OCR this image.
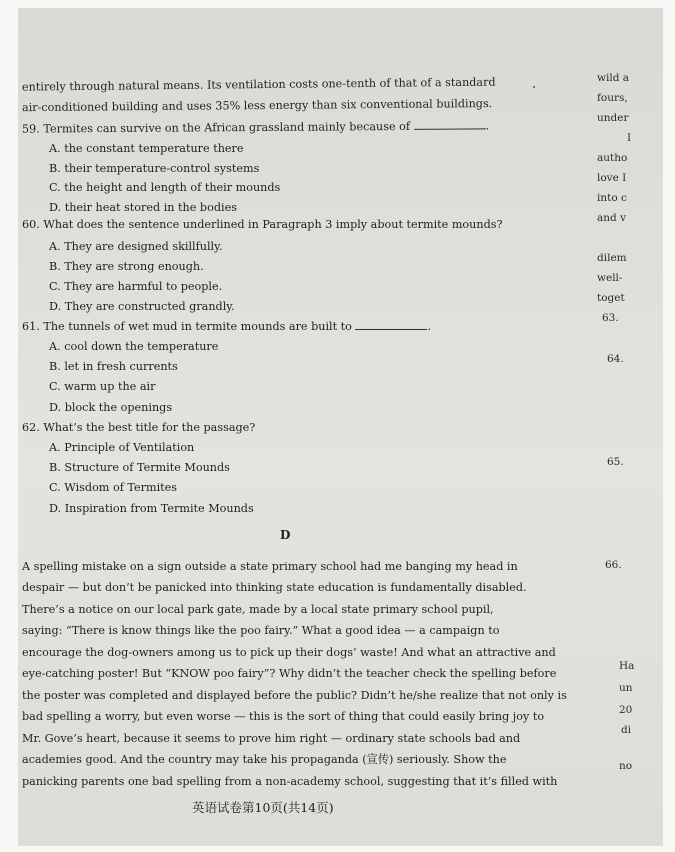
entirely through natural means. Its ventilation costs one-tenth of that of a standard
air-conditioned building and uses 35% less energy than six conventional buildings.
59. Termites can survive on the African grassland mainly because of	.
A. the constant temperature there
B. their temperature-control systems
C. the height and length of their mounds
D. their heat stored in the bodies
60. What does the sentence underlined in Paragraph 3 imply about termite mounds?
A. They are designed skillfully.
B. They are strong enough.
C. They are harmful to people.
D. They are constructed grandly.
61. The tunnels of wet mud in termite mounds are built to	.
A. cool down the temperature
B. let in fresh currents
C. warm up the air
D. block the openings
62. What’s the best title for the passage?
A. Principle of Ventilation
B. Structure of Termite Mounds
C. Wisdom of Termites
D. Inspiration from Termite Mounds
D
A spelling mistake on a sign outside a state primary school had me banging my head in
despair — but don’t be panicked into thinking state education is fundamentally disabled.
There’s a notice on our local park gate, made by a local state primary school pupil,
saying: “There is know things like the poo fairy.” What a good idea — a campaign to
encourage the dog-owners among us to pick up their dogs’ waste! And what an attractive and
eye-catching poster! But “KNOW poo fairy”? Why didn’t the teacher check the spelling before
the poster was completed and displayed before the public? Didn’t he/she realize that not only is
bad spelling a worry, but even worse — this is the sort of thing that could easily bring joy to
Mr. Gove’s heart, because it seems to prove him right — ordinary state schools bad and
academies good. And the country may take his propaganda (宣传) seriously. Show the
panicking parents one bad spelling from a non-academy school, suggesting that it’s filled with
英语试卷第10页(共14页)
wild a
fours,
under
I
autho
love I
into c
and v
dilem
well-
toget
63.
64.
65.
66.
Ha
un
20
di
no
